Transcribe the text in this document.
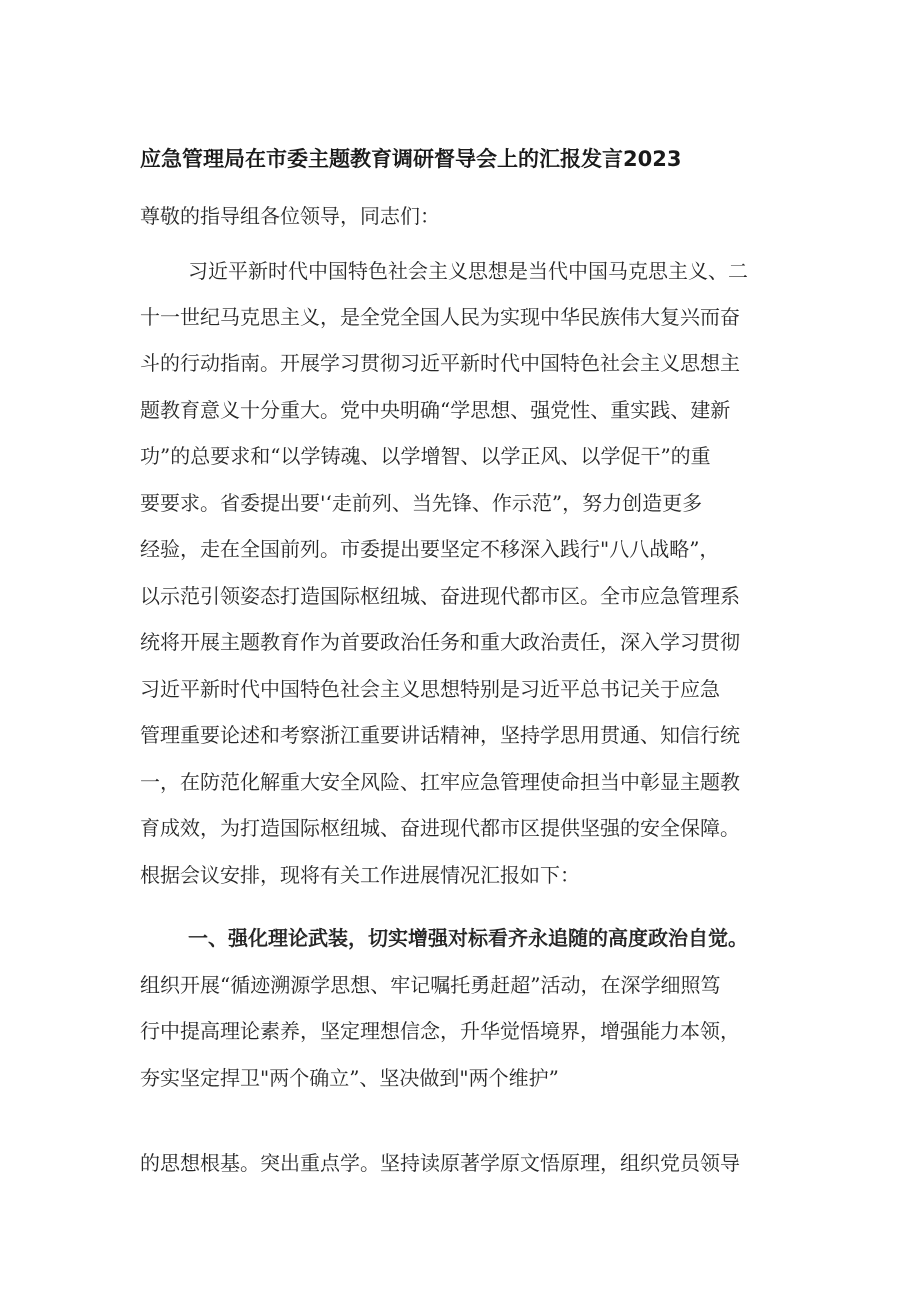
应急管理局在市委主题教育调研督导会上的汇报发言2023
尊敬的指导组各位领导，同志们：
习近平新时代中国特色社会主义思想是当代中国马克思主义、二
十一世纪马克思主义，是全党全国人民为实现中华民族伟大复兴而奋
斗的行动指南。开展学习贯彻习近平新时代中国特色社会主义思想主
题教育意义十分重大。党中央明确“学思想、强党性、重实践、建新
功”的总要求和“以学铸魂、以学增智、以学正风、以学促干”的重
要要求。省委提出要'‘走前列、当先锋、作示范”，努力创造更多
经验，走在全国前列。市委提出要坚定不移深入践行"八八战略”，
以示范引领姿态打造国际枢纽城、奋进现代都市区。全市应急管理系
统将开展主题教育作为首要政治任务和重大政治责任，深入学习贯彻
习近平新时代中国特色社会主义思想特别是习近平总书记关于应急
管理重要论述和考察浙江重要讲话精神，坚持学思用贯通、知信行统
一，在防范化解重大安全风险、扛牢应急管理使命担当中彰显主题教
育成效，为打造国际枢纽城、奋进现代都市区提供坚强的安全保障。
根据会议安排，现将有关工作进展情况汇报如下：
一、强化理论武装，切实增强对标看齐永追随的高度政治自觉。
组织开展“循迹溯源学思想、牢记嘱托勇赶超”活动，在深学细照笃
行中提高理论素养，坚定理想信念，升华觉悟境界，增强能力本领，
夯实坚定捍卫"两个确立”、坚决做到"两个维护”
的思想根基。突出重点学。坚持读原著学原文悟原理，组织党员领导
